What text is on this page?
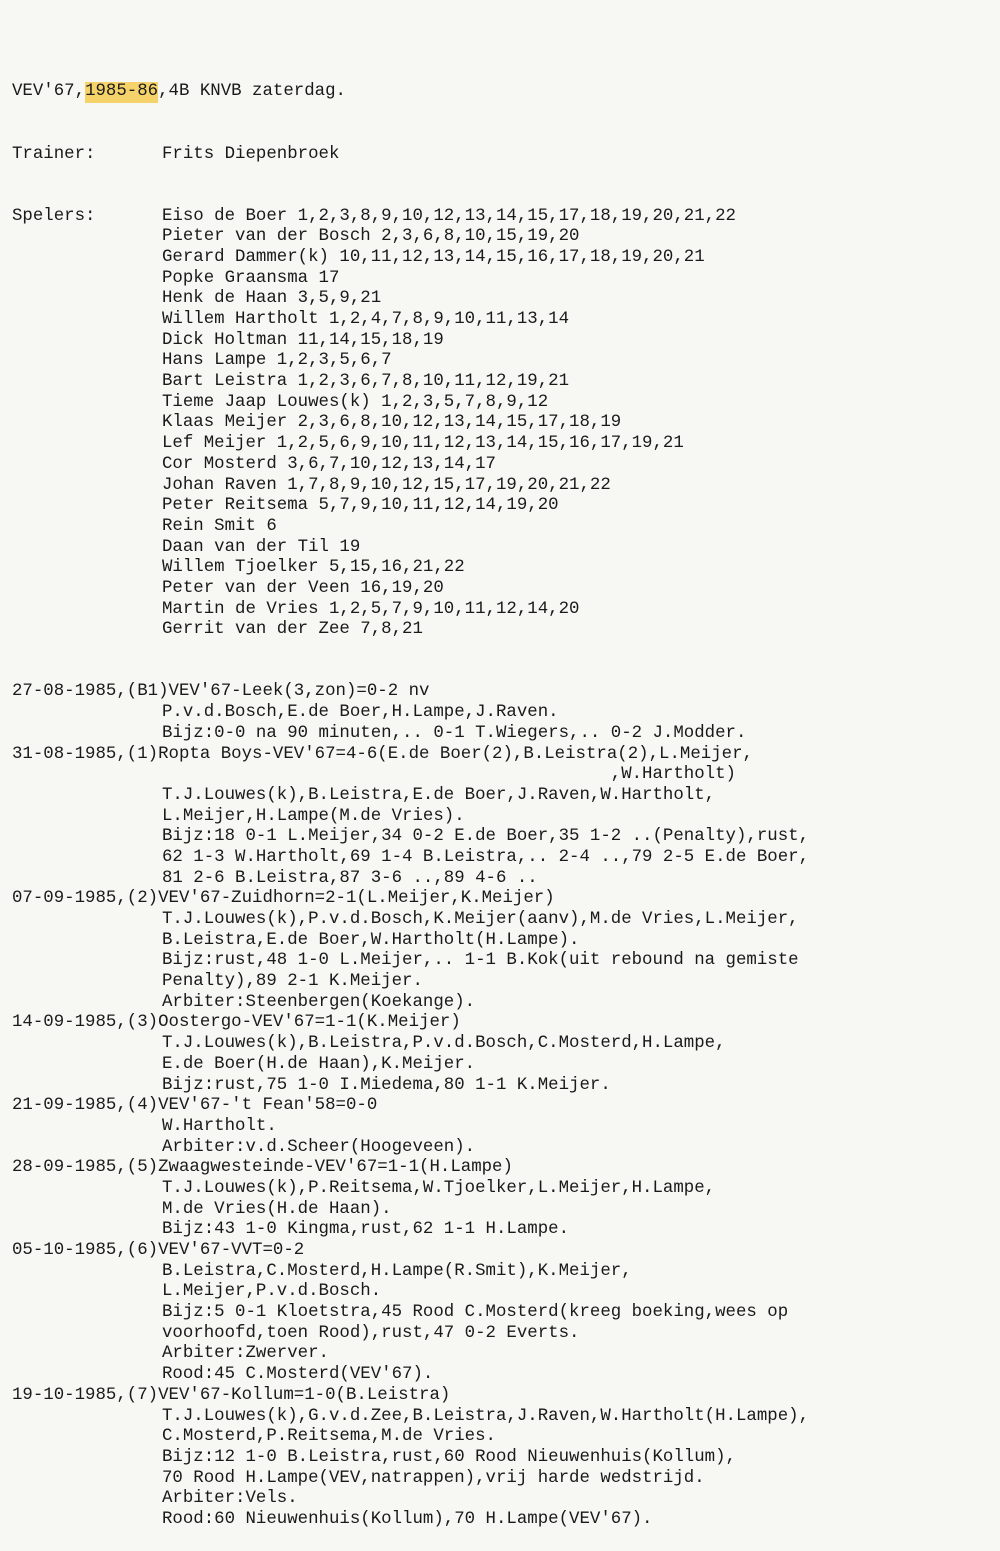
VEV'67, 1985-86 ,4B KNVB zaterdag.

Trainer:	Frits Diepenbroek

Spelers:	Eiso de Boer 1,2,3,8,9,10,12,13,14,15,17,18,19,20,21,22
Pieter van der Bosch 2,3,6,8,10,15,19,20
Gerard Dammer(k) 10,11,12,13,14,15,16,17,18,19,20,21
Popke Graansma 17
Henk de Haan 3,5,9,21
Willem Hartholt 1,2,4,7,8,9,10,11,13,14
Dick Holtman 11,14,15,18,19
Hans Lampe 1,2,3,5,6,7
Bart Leistra 1,2,3,6,7,8,10,11,12,19,21
Tieme Jaap Louwes(k) 1,2,3,5,7,8,9,12
Klaas Meijer 2,3,6,8,10,12,13,14,15,17,18,19
Lef Meijer 1,2,5,6,9,10,11,12,13,14,15,16,17,19,21
Cor Mosterd 3,6,7,10,12,13,14,17
Johan Raven 1,7,8,9,10,12,15,17,19,20,21,22
Peter Reitsema 5,7,9,10,11,12,14,19,20
Rein Smit 6
Daan van der Til 19
Willem Tjoelker 5,15,16,21,22
Peter van der Veen 16,19,20
Martin de Vries 1,2,5,7,9,10,11,12,14,20
Gerrit van der Zee 7,8,21

27-08-1985,(B1)VEV'67-Leek(3,zon)=0-2 nv
P.v.d.Bosch,E.de Boer,H.Lampe,J.Raven.
Bijz:0-0 na 90 minuten,.. 0-1 T.Wiegers,.. 0-2 J.Modder.
31-08-1985,(1)Ropta Boys-VEV'67=4-6(E.de Boer(2),B.Leistra(2),L.Meijer,
,W.Hartholt)
T.J.Louwes(k),B.Leistra,E.de Boer,J.Raven,W.Hartholt,
L.Meijer,H.Lampe(M.de Vries).
Bijz:18 0-1 L.Meijer,34 0-2 E.de Boer,35 1-2 ..(Penalty),rust,
62 1-3 W.Hartholt,69 1-4 B.Leistra,.. 2-4 ..,79 2-5 E.de Boer,
81 2-6 B.Leistra,87 3-6 ..,89 4-6 ..
07-09-1985,(2)VEV'67-Zuidhorn=2-1(L.Meijer,K.Meijer)
T.J.Louwes(k),P.v.d.Bosch,K.Meijer(aanv),M.de Vries,L.Meijer,
B.Leistra,E.de Boer,W.Hartholt(H.Lampe).
Bijz:rust,48 1-0 L.Meijer,.. 1-1 B.Kok(uit rebound na gemiste
Penalty),89 2-1 K.Meijer.
Arbiter:Steenbergen(Koekange).
14-09-1985,(3)Oostergo-VEV'67=1-1(K.Meijer)
T.J.Louwes(k),B.Leistra,P.v.d.Bosch,C.Mosterd,H.Lampe,
E.de Boer(H.de Haan),K.Meijer.
Bijz:rust,75 1-0 I.Miedema,80 1-1 K.Meijer.
21-09-1985,(4)VEV'67-'t Fean'58=0-0
W.Hartholt.
Arbiter:v.d.Scheer(Hoogeveen).
28-09-1985,(5)Zwaagwesteinde-VEV'67=1-1(H.Lampe)
T.J.Louwes(k),P.Reitsema,W.Tjoelker,L.Meijer,H.Lampe,
M.de Vries(H.de Haan).
Bijz:43 1-0 Kingma,rust,62 1-1 H.Lampe.
05-10-1985,(6)VEV'67-VVT=0-2
B.Leistra,C.Mosterd,H.Lampe(R.Smit),K.Meijer,
L.Meijer,P.v.d.Bosch.
Bijz:5 0-1 Kloetstra,45 Rood C.Mosterd(kreeg boeking,wees op
voorhoofd,toen Rood),rust,47 0-2 Everts.
Arbiter:Zwerver.
Rood:45 C.Mosterd(VEV'67).
19-10-1985,(7)VEV'67-Kollum=1-0(B.Leistra)
T.J.Louwes(k),G.v.d.Zee,B.Leistra,J.Raven,W.Hartholt(H.Lampe),
C.Mosterd,P.Reitsema,M.de Vries.
Bijz:12 1-0 B.Leistra,rust,60 Rood Nieuwenhuis(Kollum),
70 Rood H.Lampe(VEV,natrappen),vrij harde wedstrijd.
Arbiter:Vels.
Rood:60 Nieuwenhuis(Kollum),70 H.Lampe(VEV'67).
